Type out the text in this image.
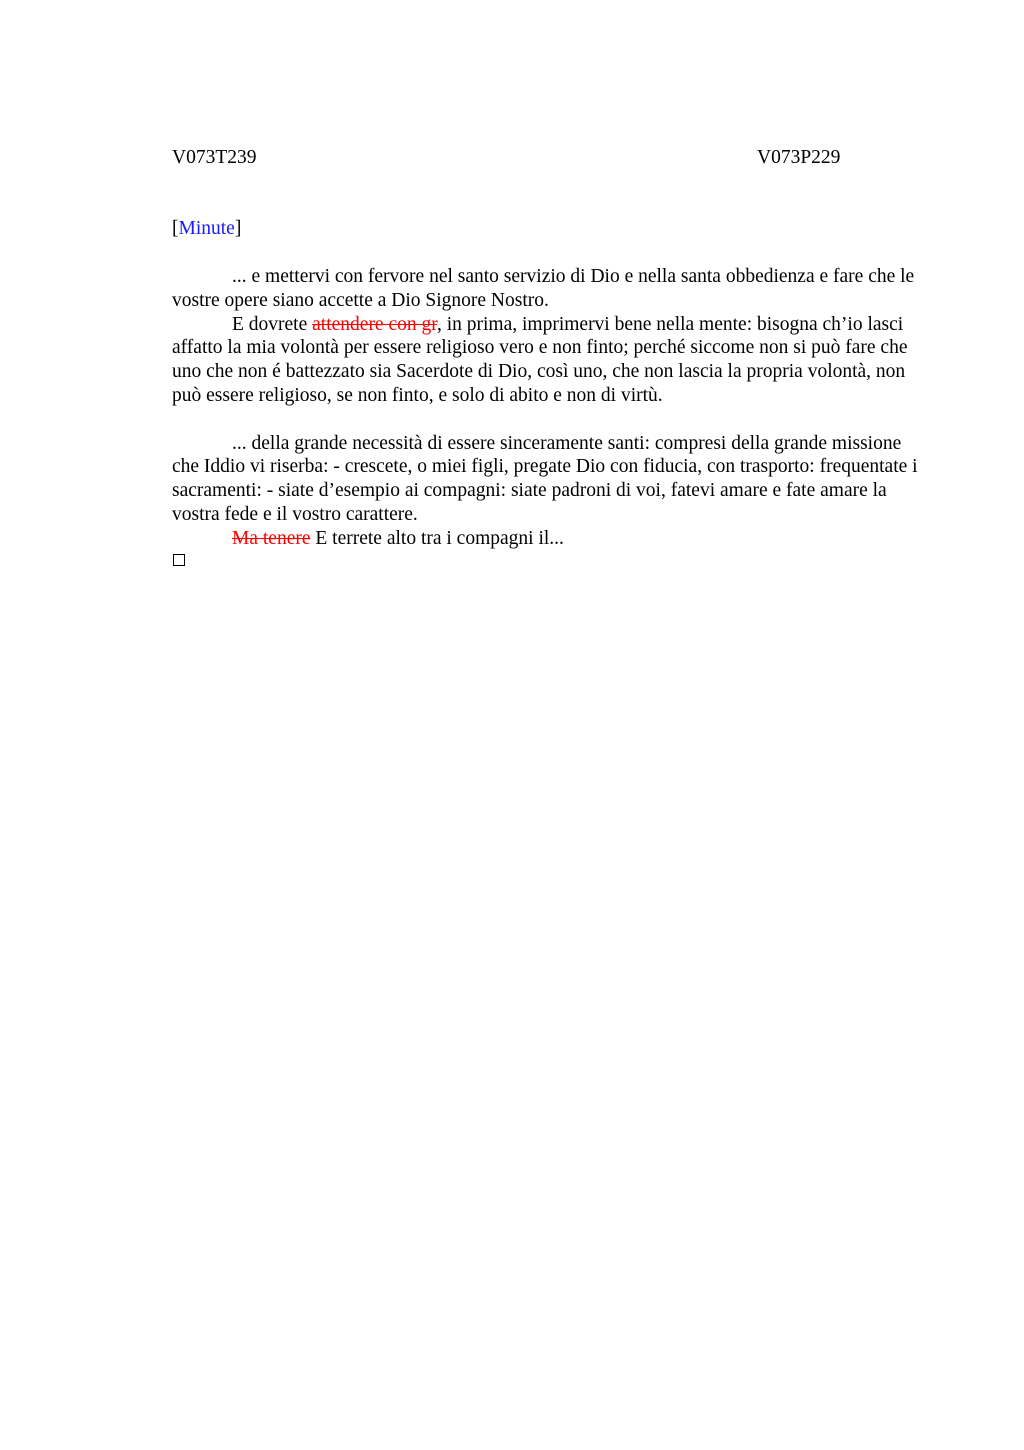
V073T239	V073P229
[Minute]

... e mettervi con fervore nel santo servizio di Dio e nella santa obbedienza e fare che le vostre opere siano accette a Dio Signore Nostro.

E dovrete attendere con gr, in prima, imprimervi bene nella mente: bisogna ch’io lasci affatto la mia volontà per essere religioso vero e non finto; perché siccome non si può fare che uno che non é battezzato sia Sacerdote di Dio, così uno, che non lascia la propria volontà, non può essere religioso, se non finto, e solo di abito e non di virtù.

... della grande necessità di essere sinceramente santi: compresi della grande missione che Iddio vi riserba: - crescete, o miei figli, pregate Dio con fiducia, con trasporto: frequentate i sacramenti: - siate d’esempio ai compagni: siate padroni di voi, fatevi amare e fate amare la vostra fede e il vostro carattere.

Ma tenere E terrete alto tra i compagni il...
